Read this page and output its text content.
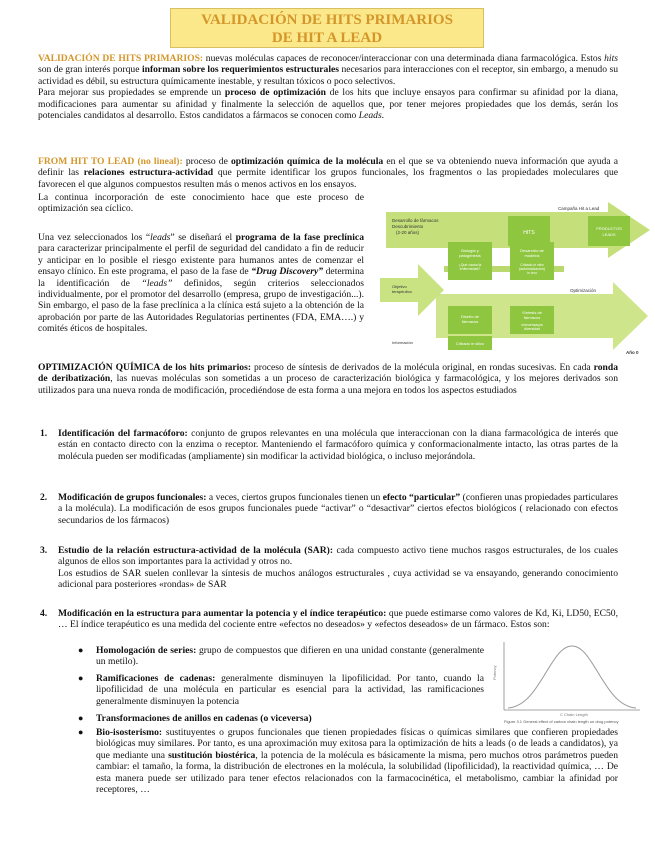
VALIDACIÓN DE HITS PRIMARIOS
DE HIT A LEAD
VALIDACIÓN DE HITS PRIMARIOS: nuevas moléculas capaces de reconocer/interaccionar con una determinada diana farmacológica. Estos hits son de gran interés porque informan sobre los requerimientos estructurales necesarios para interacciones con el receptor, sin embargo, a menudo su actividad es débil, su estructura químicamente inestable, y resultan tóxicos o poco selectivos.
Para mejorar sus propiedades se emprende un proceso de optimización de los hits que incluye ensayos para confirmar su afinidad por la diana, modificaciones para aumentar su afinidad y finalmente la selección de aquellos que, por tener mejores propiedades que los demás, serán los potenciales candidatos al desarrollo. Estos candidatos a fármacos se conocen como Leads.
FROM HIT TO LEAD (no lineal): proceso de optimización química de la molécula en el que se va obteniendo nueva información que ayuda a definir las relaciones estructura-actividad que permite identificar los grupos funcionales, los fragmentos o las propiedades moleculares que favorecen el que algunos compuestos resulten más o menos activos en los ensayos.
La continua incorporación de este conocimiento hace que este proceso de optimización sea cíclico.
Una vez seleccionados los “leads” se diseñará el programa de la fase preclínica para caracterizar principalmente el perfil de seguridad del candidato a fin de reducir y anticipar en lo posible el riesgo existente para humanos antes de comenzar el ensayo clínico. En este programa, el paso de la fase de “Drug Discovery” determina la identificación de “leads” definidos, según criterios seleccionados individualmente, por el promotor del desarrollo (empresa, grupo de investigación...). Sin embargo, el paso de la fase preclínica a la clínica está sujeto a la obtención de la aprobación por parte de las Autoridades Regulatorias pertinentes (FDA, EMA….) y comités éticos de hospitales.
HITS
PRODUCTOS
LEADS
Biología y
patogénesis
¿Qué causa la
enfermedad?
Desarrollo de
modelos
Cribado in vitro
(automatización)
in vivo
Diseño de
fármacos
Síntesis de
fármacos
microensayos
diversidad
Cribado in silico
Desarrollo de fármacos
Descubrimiento
(2-20 años)
Campaña Hit a Lead
Objetivo
terapéutico	Optimización
Información
Año 0
OPTIMIZACIÓN QUÍMICA de los hits primarios: proceso de síntesis de derivados de la molécula original, en rondas sucesivas. En cada ronda de deribatización, las nuevas moléculas son sometidas a un proceso de caracterización biológica y farmacológica, y los mejores derivados son utilizados para una nueva ronda de modificación, procediéndose de esta forma a una mejora en todos los aspectos estudiados
1. Identificación del farmacóforo: conjunto de grupos relevantes en una molécula que interaccionan con la diana farmacológica de interés que están en contacto directo con la enzima o receptor. Manteniendo el farmacóforo química y conformacionalmente intacto, las otras partes de la molécula pueden ser modificadas (ampliamente) sin modificar la actividad biológica, o incluso mejorándola.
2. Modificación de grupos funcionales: a veces, ciertos grupos funcionales tienen un efecto “particular” (confieren unas propiedades particulares a la molécula). La modificación de esos grupos funcionales puede “activar” o “desactivar” ciertos efectos biológicos ( relacionado con efectos secundarios de los fármacos)
3. Estudio de la relación estructura-actividad de la molécula (SAR): cada compuesto activo tiene muchos rasgos estructurales, de los cuales algunos de ellos son importantes para la actividad y otros no.
Los estudios de SAR suelen conllevar la síntesis de muchos análogos estructurales , cuya actividad se va ensayando, generando conocimiento adicional para posteriores «rondas» de SAR
4. Modificación en la estructura para aumentar la potencia y el índice terapéutico: que puede estimarse como valores de Kd, Ki, LD50, EC50, … El índice terapéutico es una medida del cociente entre «efectos no deseados» y «efectos deseados» de un fármaco. Estos son:
● Homologación de series: grupo de compuestos que difieren en una unidad constante (generalmente un metilo).
● Ramificaciones de cadenas: generalmente disminuyen la lipofilicidad. Por tanto, cuando la lipofilicidad de una molécula en particular es esencial para la actividad, las ramificaciones generalmente disminuyen la potencia
● Transformaciones de anillos en cadenas (o viceversa)
● Bio-isosterismo: sustituyentes o grupos funcionales que tienen propiedades físicas o químicas similares que confieren propiedades biológicas muy similares. Por tanto, es una aproximación muy exitosa para la optimización de hits a leads (o de leads a candidatos), ya que mediante una sustitución biostérica, la potencia de la molécula es básicamente la misma, pero muchos otros parámetros pueden cambiar: el tamaño, la forma, la distribución de electrones en la molécula, la solubilidad (lipofilicidad), la reactividad química, … De esta manera puede ser utilizado para tener efectos relacionados con la farmacocinética, el metabolismo, cambiar la afinidad por receptores, …
Potency
C Chain Length
Figure 3.1 General effect of carbon chain length on drug potency
